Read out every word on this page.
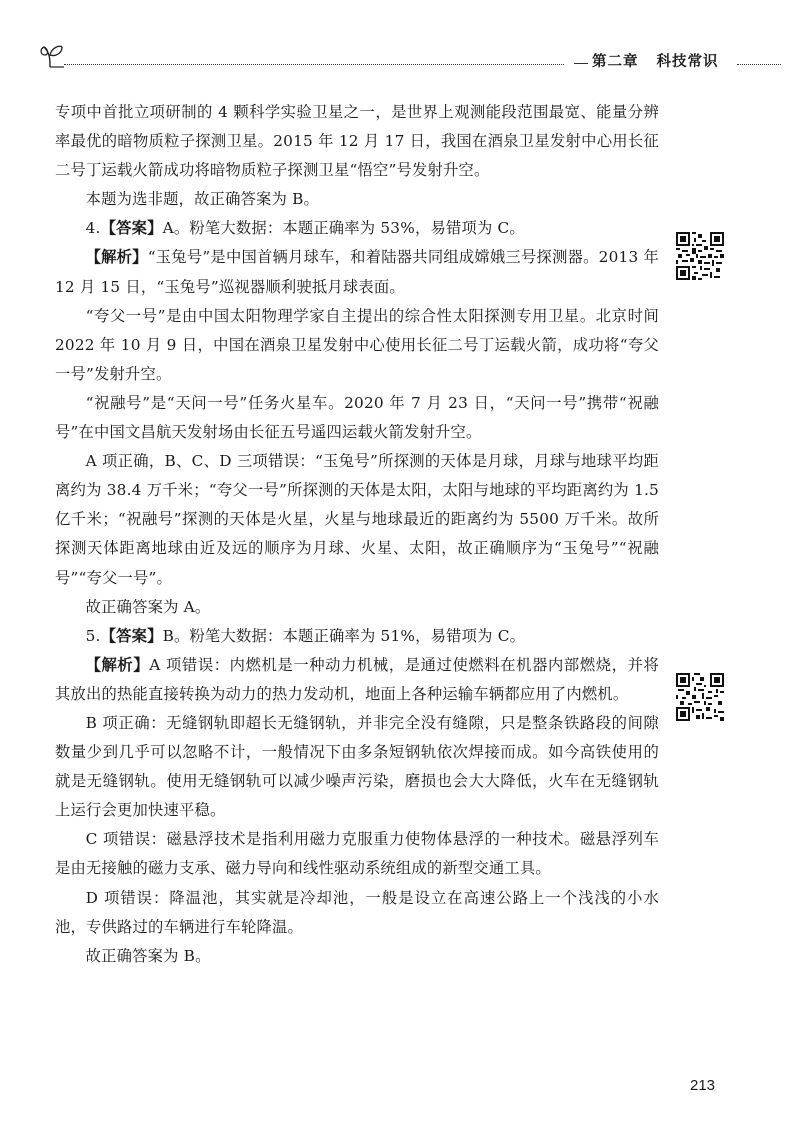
第二章 科技常识

专项中首批立项研制的 4 颗科学实验卫星之一，是世界上观测能段范围最宽、能量分辨率最优的暗物质粒子探测卫星。2015 年 12 月 17 日，我国在酒泉卫星发射中心用长征二号丁运载火箭成功将暗物质粒子探测卫星“悟空”号发射升空。

本题为选非题，故正确答案为 B。

4.【答案】A。粉笔大数据：本题正确率为 53%，易错项为 C。

【解析】“玉兔号”是中国首辆月球车，和着陆器共同组成嫦娥三号探测器。2013 年 12 月 15 日，“玉兔号”巡视器顺利驶抵月球表面。

“夸父一号”是由中国太阳物理学家自主提出的综合性太阳探测专用卫星。北京时间 2022 年 10 月 9 日，中国在酒泉卫星发射中心使用长征二号丁运载火箭，成功将“夸父一号”发射升空。

“祝融号”是“天问一号”任务火星车。2020 年 7 月 23 日，“天问一号”携带“祝融号”在中国文昌航天发射场由长征五号遥四运载火箭发射升空。

A 项正确，B、C、D 三项错误：“玉兔号”所探测的天体是月球，月球与地球平均距离约为 38.4 万千米；“夸父一号”所探测的天体是太阳，太阳与地球的平均距离约为 1.5 亿千米；“祝融号”探测的天体是火星，火星与地球最近的距离约为 5500 万千米。故所探测天体距离地球由近及远的顺序为月球、火星、太阳，故正确顺序为“玉兔号”“祝融号”“夸父一号”。

故正确答案为 A。

5.【答案】B。粉笔大数据：本题正确率为 51%，易错项为 C。

【解析】A 项错误：内燃机是一种动力机械，是通过使燃料在机器内部燃烧，并将其放出的热能直接转换为动力的热力发动机，地面上各种运输车辆都应用了内燃机。

B 项正确：无缝钢轨即超长无缝钢轨，并非完全没有缝隙，只是整条铁路段的间隙数量少到几乎可以忽略不计，一般情况下由多条短钢轨依次焊接而成。如今高铁使用的就是无缝钢轨。使用无缝钢轨可以减少噪声污染，磨损也会大大降低，火车在无缝钢轨上运行会更加快速平稳。

C 项错误：磁悬浮技术是指利用磁力克服重力使物体悬浮的一种技术。磁悬浮列车是由无接触的磁力支承、磁力导向和线性驱动系统组成的新型交通工具。

D 项错误：降温池，其实就是冷却池，一般是设立在高速公路上一个浅浅的小水池，专供路过的车辆进行车轮降温。

故正确答案为 B。

213
